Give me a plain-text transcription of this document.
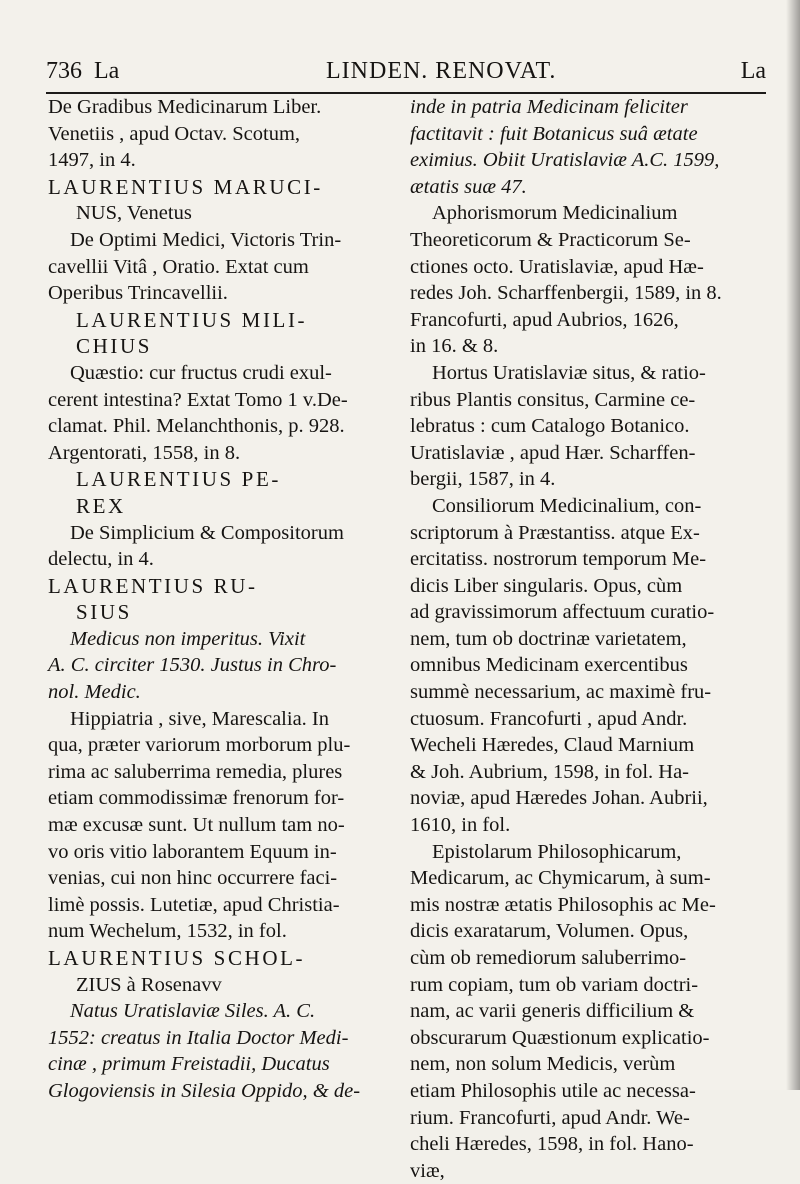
736 La	LINDEN. RENOVAT.	La
De Gradibus Medicinarum Liber.
Venetiis , apud Octav. Scotum,
1497, in 4.
LAURENTIUS MARUCI-
NUS, Venetus
De Optimi Medici, Victoris Trin-
cavellii Vitâ , Oratio. Extat cum
Operibus Trincavellii.
LAURENTIUS MILI-
CHIUS
Quæstio: cur fructus crudi exul-
cerent intestina? Extat Tomo 1 v.De-
clamat. Phil. Melanchthonis, p. 928.
Argentorati, 1558, in 8.
LAURENTIUS PE-
REX
De Simplicium & Compositorum
delectu, in 4.
LAURENTIUS RU-
SIUS
Medicus non imperitus. Vixit
A. C. circiter 1530. Justus in Chro-
nol. Medic.
Hippiatria , sive, Marescalia. In
qua, præter variorum morborum plu-
rima ac saluberrima remedia, plures
etiam commodissimæ frenorum for-
mæ excusæ sunt. Ut nullum tam no-
vo oris vitio laborantem Equum in-
venias, cui non hinc occurrere faci-
limè possis. Lutetiæ, apud Christia-
num Wechelum, 1532, in fol.
LAURENTIUS SCHOL-
ZIUS à Rosenavv
Natus Uratislaviæ Siles. A. C.
1552: creatus in Italia Doctor Medi-
cinæ , primum Freistadii, Ducatus
Glogoviensis in Silesia Oppido, & de-
inde in patria Medicinam feliciter
factitavit : fuit Botanicus suâ ætate
eximius. Obiit Uratislaviæ A.C. 1599,
ætatis suæ 47.
Aphorismorum Medicinalium
Theoreticorum & Practicorum Se-
ctiones octo. Uratislaviæ, apud Hæ-
redes Joh. Scharffenbergii, 1589, in 8.
Francofurti, apud Aubrios, 1626,
in 16. & 8.
Hortus Uratislaviæ situs, & ratio-
ribus Plantis consitus, Carmine ce-
lebratus : cum Catalogo Botanico.
Uratislaviæ , apud Hær. Scharffen-
bergii, 1587, in 4.
Consiliorum Medicinalium, con-
scriptorum à Præstantiss. atque Ex-
ercitatiss. nostrorum temporum Me-
dicis Liber singularis. Opus, cùm
ad gravissimorum affectuum curatio-
nem, tum ob doctrinæ varietatem,
omnibus Medicinam exercentibus
summè necessarium, ac maximè fru-
ctuosum. Francofurti , apud Andr.
Wecheli Hæredes, Claud Marnium
& Joh. Aubrium, 1598, in fol. Ha-
noviæ, apud Hæredes Johan. Aubrii,
1610, in fol.
Epistolarum Philosophicarum,
Medicarum, ac Chymicarum, à sum-
mis nostræ ætatis Philosophis ac Me-
dicis exaratarum, Volumen. Opus,
cùm ob remediorum saluberrimo-
rum copiam, tum ob variam doctri-
nam, ac varii generis difficilium &
obscurarum Quæstionum explicatio-
nem, non solum Medicis, verùm
etiam Philosophis utile ac necessa-
rium. Francofurti, apud Andr. We-
cheli Hæredes, 1598, in fol. Hano-
viæ,
